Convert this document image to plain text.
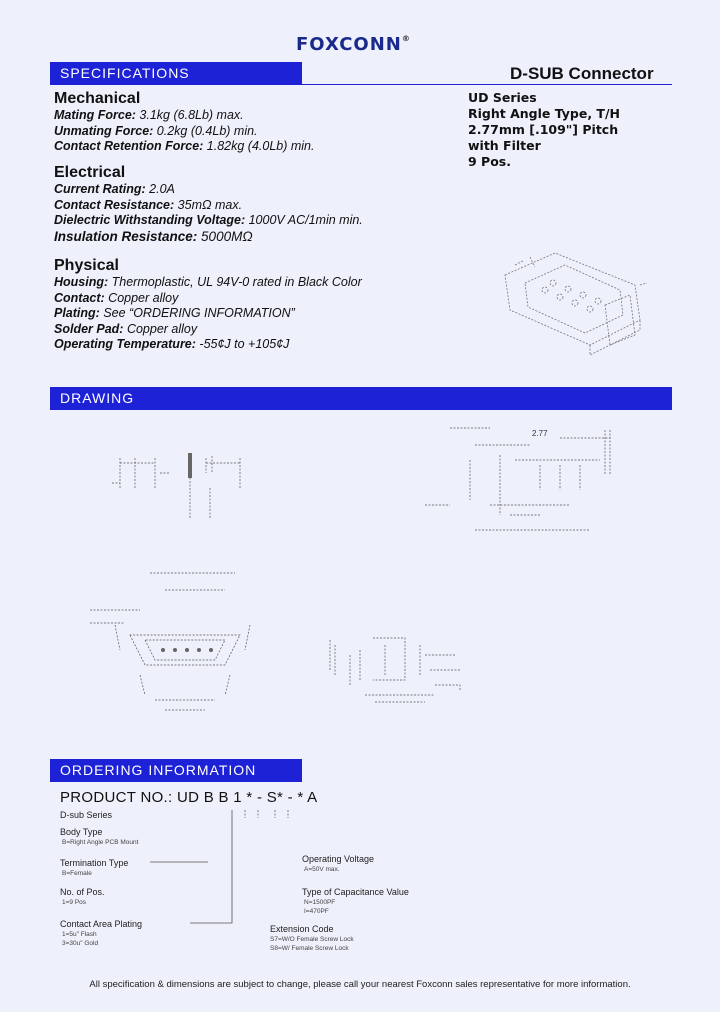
FOXCONN®
SPECIFICATIONS	D-SUB Connector
UD Series
Right Angle Type, T/H
2.77mm [.109"] Pitch
with Filter
9 Pos.
Mechanical
Mating Force: 3.1kg (6.8Lb) max.
Unmating Force: 0.2kg (0.4Lb) min.
Contact Retention Force: 1.82kg (4.0Lb) min.
Electrical
Current Rating: 2.0A
Contact Resistance: 35mΩ max.
Dielectric Withstanding Voltage: 1000V AC/1min min.
Insulation Resistance: 5000MΩ
Physical
Housing: Thermoplastic, UL 94V-0 rated in Black Color
Contact: Copper alloy
Plating: See “ORDERING INFORMATION”
Solder Pad: Copper alloy
Operating Temperature: -55¢J to +105¢J
DRAWING
2.77
ORDERING INFORMATION
PRODUCT NO.: UD B B 1 * - S* - * A
D-sub Series
Body Type
B=Right Angle PCB Mount
Termination Type
B=Female
No. of Pos.
1=9 Pos
Contact Area Plating
1=5u" Flash
3=30u" Gold
Operating Voltage
A=50V max.
Type of Capacitance Value
N=1500PF
I=470PF
Extension Code
S7=W/O Female Screw Lock
S8=W/ Female Screw Lock
All specification & dimensions are subject to change, please call your nearest Foxconn sales representative for more information.
